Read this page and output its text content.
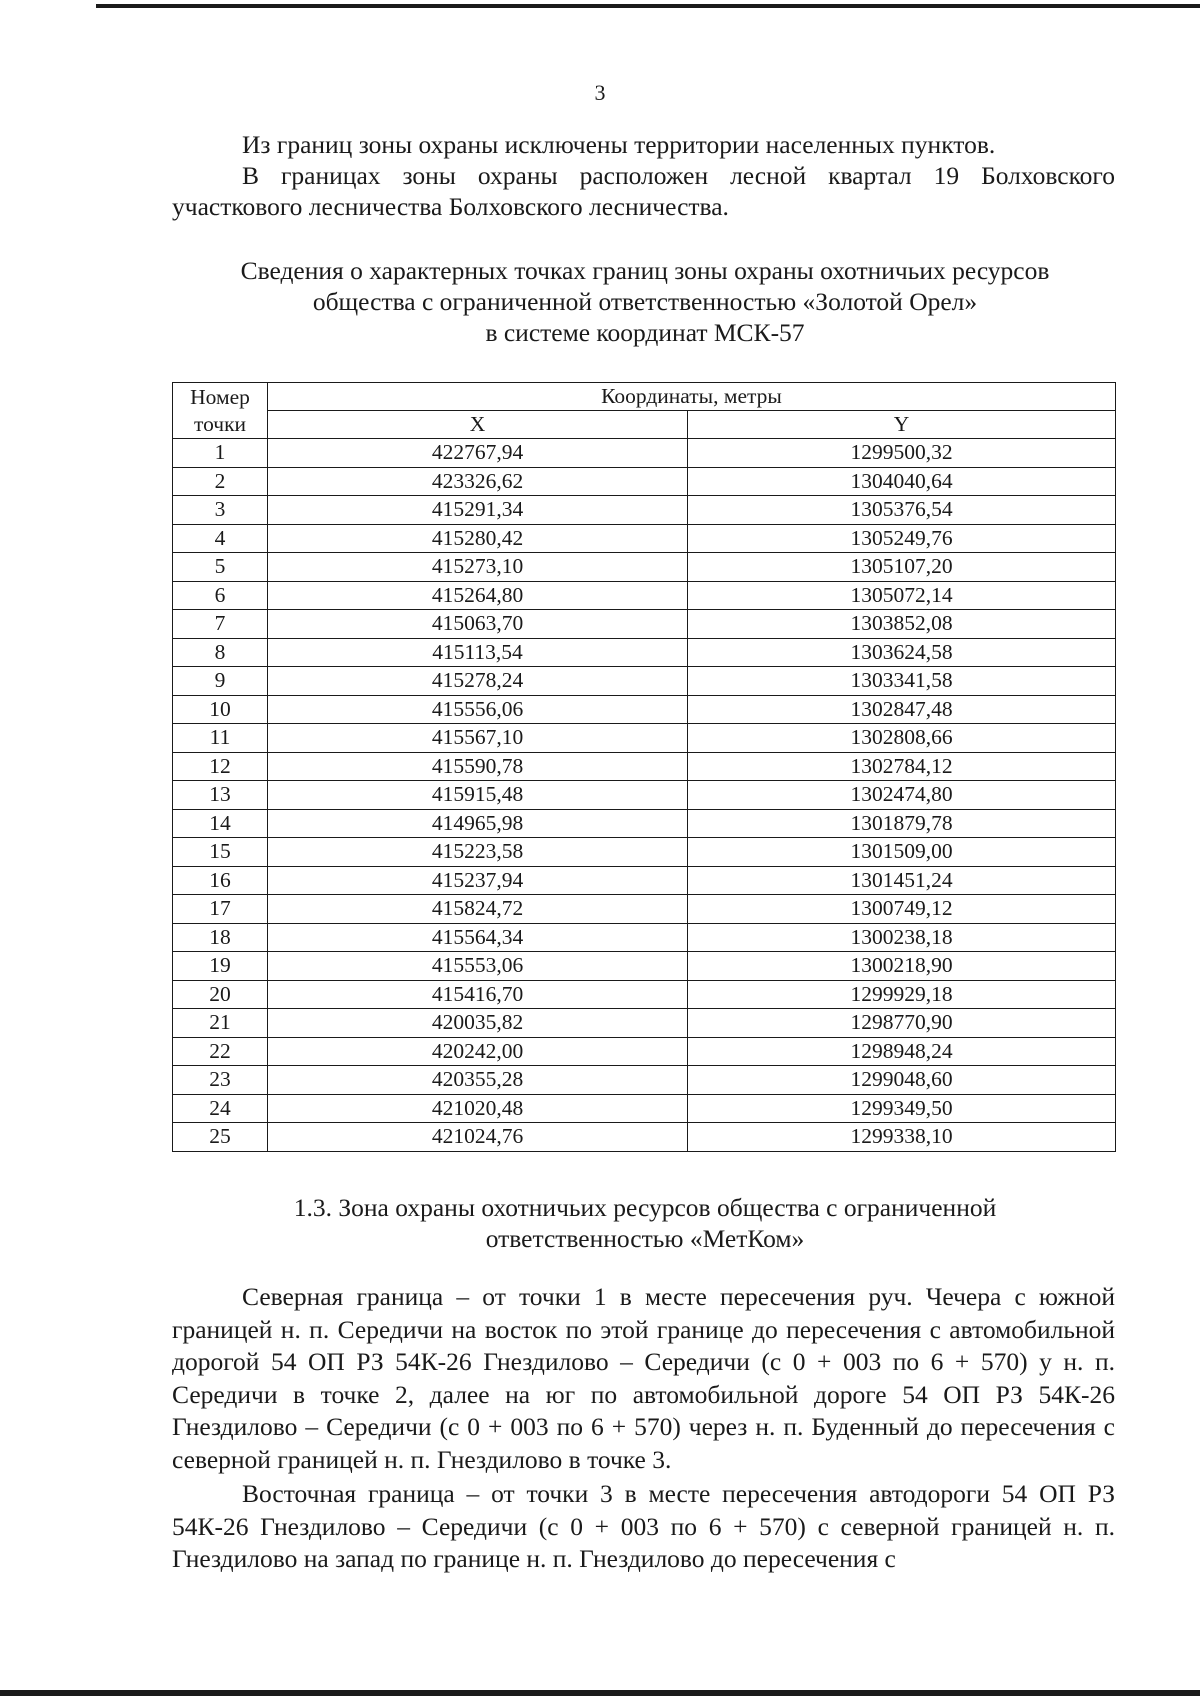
3

Из границ зоны охраны исключены территории населенных пунктов.

В границах зоны охраны расположен лесной квартал 19 Болховского участкового лесничества Болховского лесничества.

Сведения о характерных точках границ зоны охраны охотничьих ресурсов
общества с ограниченной ответственностью «Золотой Орел»
в системе координат МСК-57
Номер
точки	Координаты, метры	
	X	Y
1	422767,94	1299500,32
2	423326,62	1304040,64
3	415291,34	1305376,54
4	415280,42	1305249,76
5	415273,10	1305107,20
6	415264,80	1305072,14
7	415063,70	1303852,08
8	415113,54	1303624,58
9	415278,24	1303341,58
10	415556,06	1302847,48
11	415567,10	1302808,66
12	415590,78	1302784,12
13	415915,48	1302474,80
14	414965,98	1301879,78
15	415223,58	1301509,00
16	415237,94	1301451,24
17	415824,72	1300749,12
18	415564,34	1300238,18
19	415553,06	1300218,90
20	415416,70	1299929,18
21	420035,82	1298770,90
22	420242,00	1298948,24
23	420355,28	1299048,60
24	421020,48	1299349,50
25	421024,76	1299338,10
1.3. Зона охраны охотничьих ресурсов общества с ограниченной
ответственностью «МетКом»

Северная граница – от точки 1 в месте пересечения руч. Чечера с южной границей н. п. Середичи на восток по этой границе до пересечения с автомобильной дорогой 54 ОП РЗ 54К-26 Гнездилово – Середичи (с 0 + 003 по 6 + 570) у н. п. Середичи в точке 2, далее на юг по автомобильной дороге 54 ОП РЗ 54К-26 Гнездилово – Середичи (с 0 + 003 по 6 + 570) через н. п. Буденный до пересечения с северной границей н. п. Гнездилово в точке 3.

Восточная граница – от точки 3 в месте пересечения автодороги 54 ОП РЗ 54К-26 Гнездилово – Середичи (с 0 + 003 по 6 + 570) с северной границей н. п. Гнездилово на запад по границе н. п. Гнездилово до пересечения с
